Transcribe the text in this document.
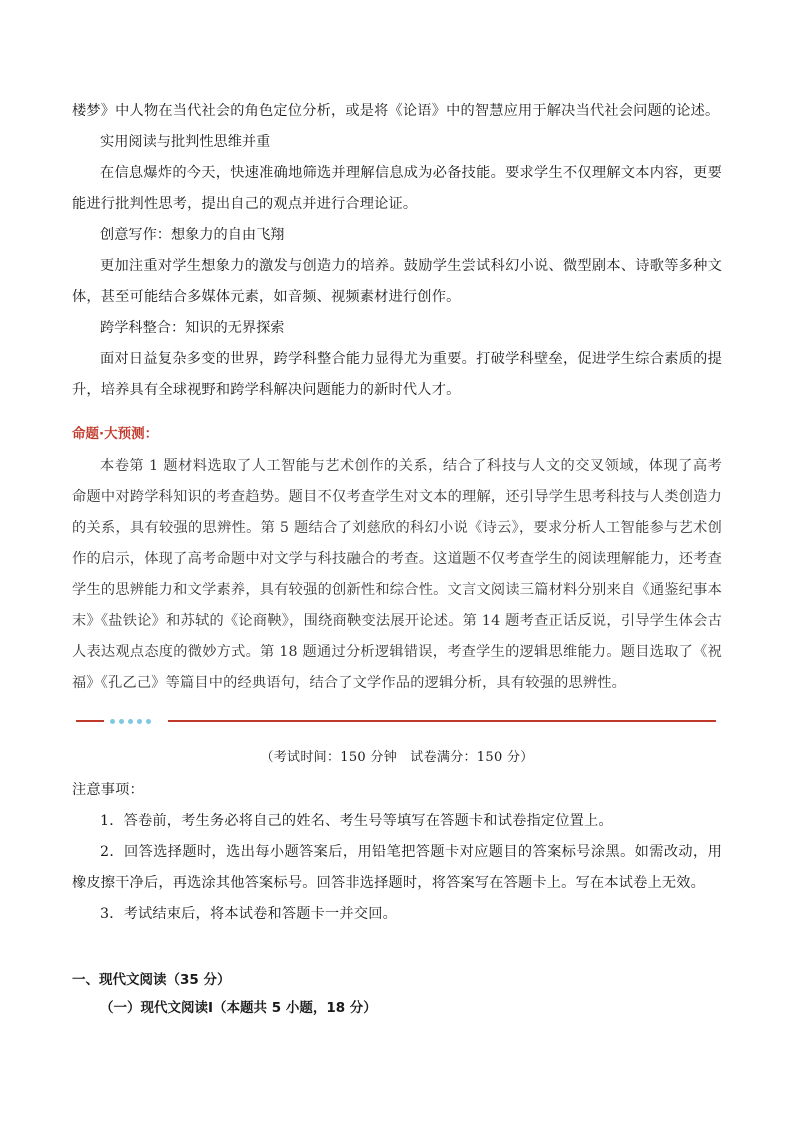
楼梦》中人物在当代社会的角色定位分析，或是将《论语》中的智慧应用于解决当代社会问题的论述。

实用阅读与批判性思维并重

在信息爆炸的今天，快速准确地筛选并理解信息成为必备技能。要求学生不仅理解文本内容，更要能进行批判性思考，提出自己的观点并进行合理论证。

创意写作：想象力的自由飞翔

更加注重对学生想象力的激发与创造力的培养。鼓励学生尝试科幻小说、微型剧本、诗歌等多种文体，甚至可能结合多媒体元素，如音频、视频素材进行创作。

跨学科整合：知识的无界探索

面对日益复杂多变的世界，跨学科整合能力显得尤为重要。打破学科壁垒，促进学生综合素质的提升，培养具有全球视野和跨学科解决问题能力的新时代人才。

命题·大预测：

本卷第 1 题材料选取了人工智能与艺术创作的关系，结合了科技与人文的交叉领域，体现了高考命题中对跨学科知识的考查趋势。题目不仅考查学生对文本的理解，还引导学生思考科技与人类创造力的关系，具有较强的思辨性。第 5 题结合了刘慈欣的科幻小说《诗云》，要求分析人工智能参与艺术创作的启示，体现了高考命题中对文学与科技融合的考查。这道题不仅考查学生的阅读理解能力，还考查学生的思辨能力和文学素养，具有较强的创新性和综合性。文言文阅读三篇材料分别来自《通鉴纪事本末》《盐铁论》和苏轼的《论商鞅》，围绕商鞅变法展开论述。第 14 题考查正话反说，引导学生体会古人表达观点态度的微妙方式。第 18 题通过分析逻辑错误，考查学生的逻辑思维能力。题目选取了《祝福》《孔乙己》等篇目中的经典语句，结合了文学作品的逻辑分析，具有较强的思辨性。

（考试时间：150 分钟　试卷满分：150 分）

注意事项：

1．答卷前，考生务必将自己的姓名、考生号等填写在答题卡和试卷指定位置上。

2．回答选择题时，选出每小题答案后，用铅笔把答题卡对应题目的答案标号涂黑。如需改动，用橡皮擦干净后，再选涂其他答案标号。回答非选择题时，将答案写在答题卡上。写在本试卷上无效。

3．考试结束后，将本试卷和答题卡一并交回。

一、现代文阅读（35 分）
（一）现代文阅读Ⅰ（本题共 5 小题，18 分）
